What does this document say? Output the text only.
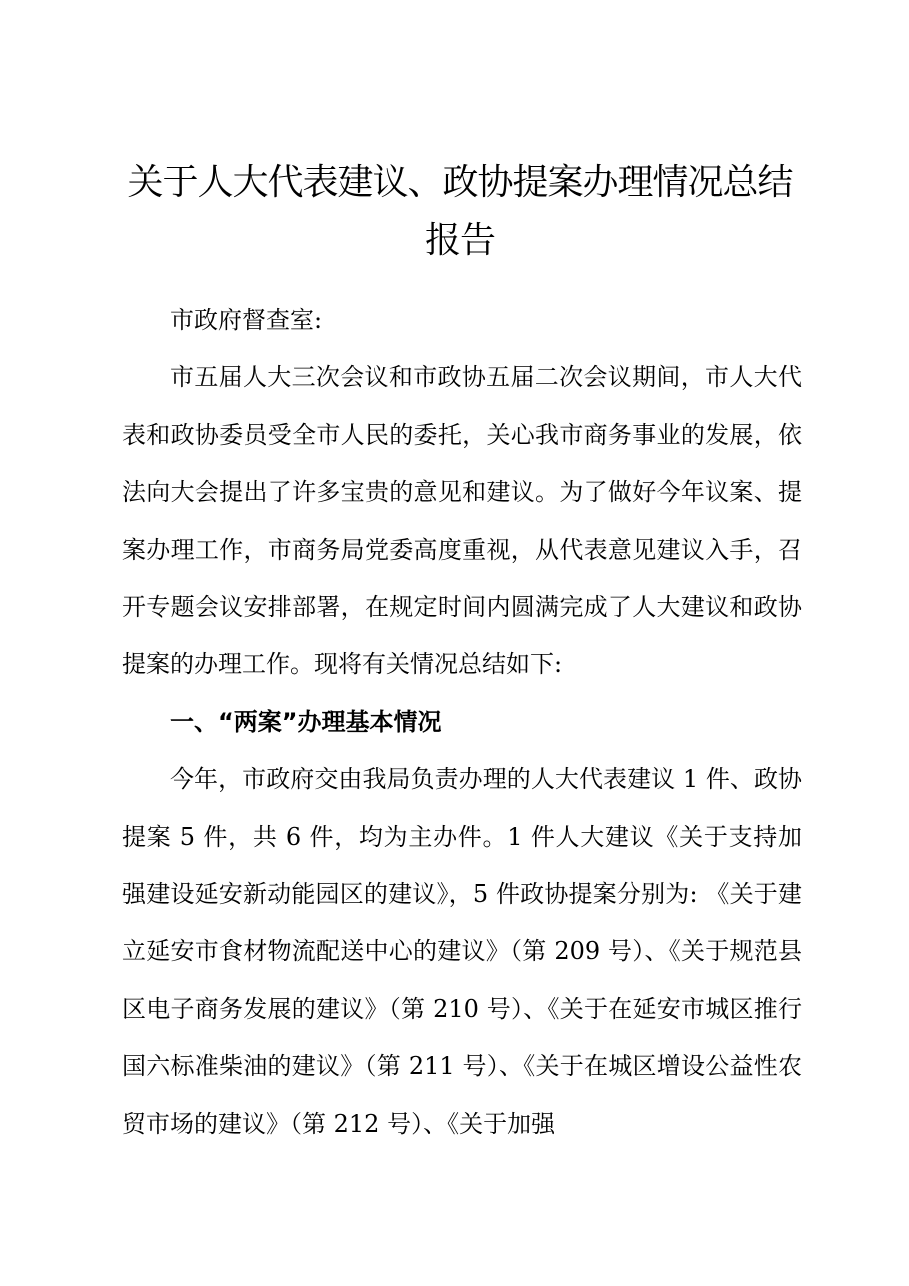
关于人大代表建议、政协提案办理情况总结报告

市政府督查室:

市五届人大三次会议和市政协五届二次会议期间，市人大代表和政协委员受全市人民的委托，关心我市商务事业的发展，依法向大会提出了许多宝贵的意见和建议。为了做好今年议案、提案办理工作，市商务局党委高度重视，从代表意见建议入手，召开专题会议安排部署，在规定时间内圆满完成了人大建议和政协提案的办理工作。现将有关情况总结如下:

一、“两案”办理基本情况

今年，市政府交由我局负责办理的人大代表建议 1 件、政协提案 5 件，共 6 件，均为主办件。1 件人大建议《关于支持加强建设延安新动能园区的建议》，5 件政协提案分别为: 《关于建立延安市食材物流配送中心的建议》（第 209 号）、《关于规范县区电子商务发展的建议》（第 210 号）、《关于在延安市城区推行国六标准柴油的建议》（第 211 号）、《关于在城区增设公益性农贸市场的建议》（第 212 号）、《关于加强
